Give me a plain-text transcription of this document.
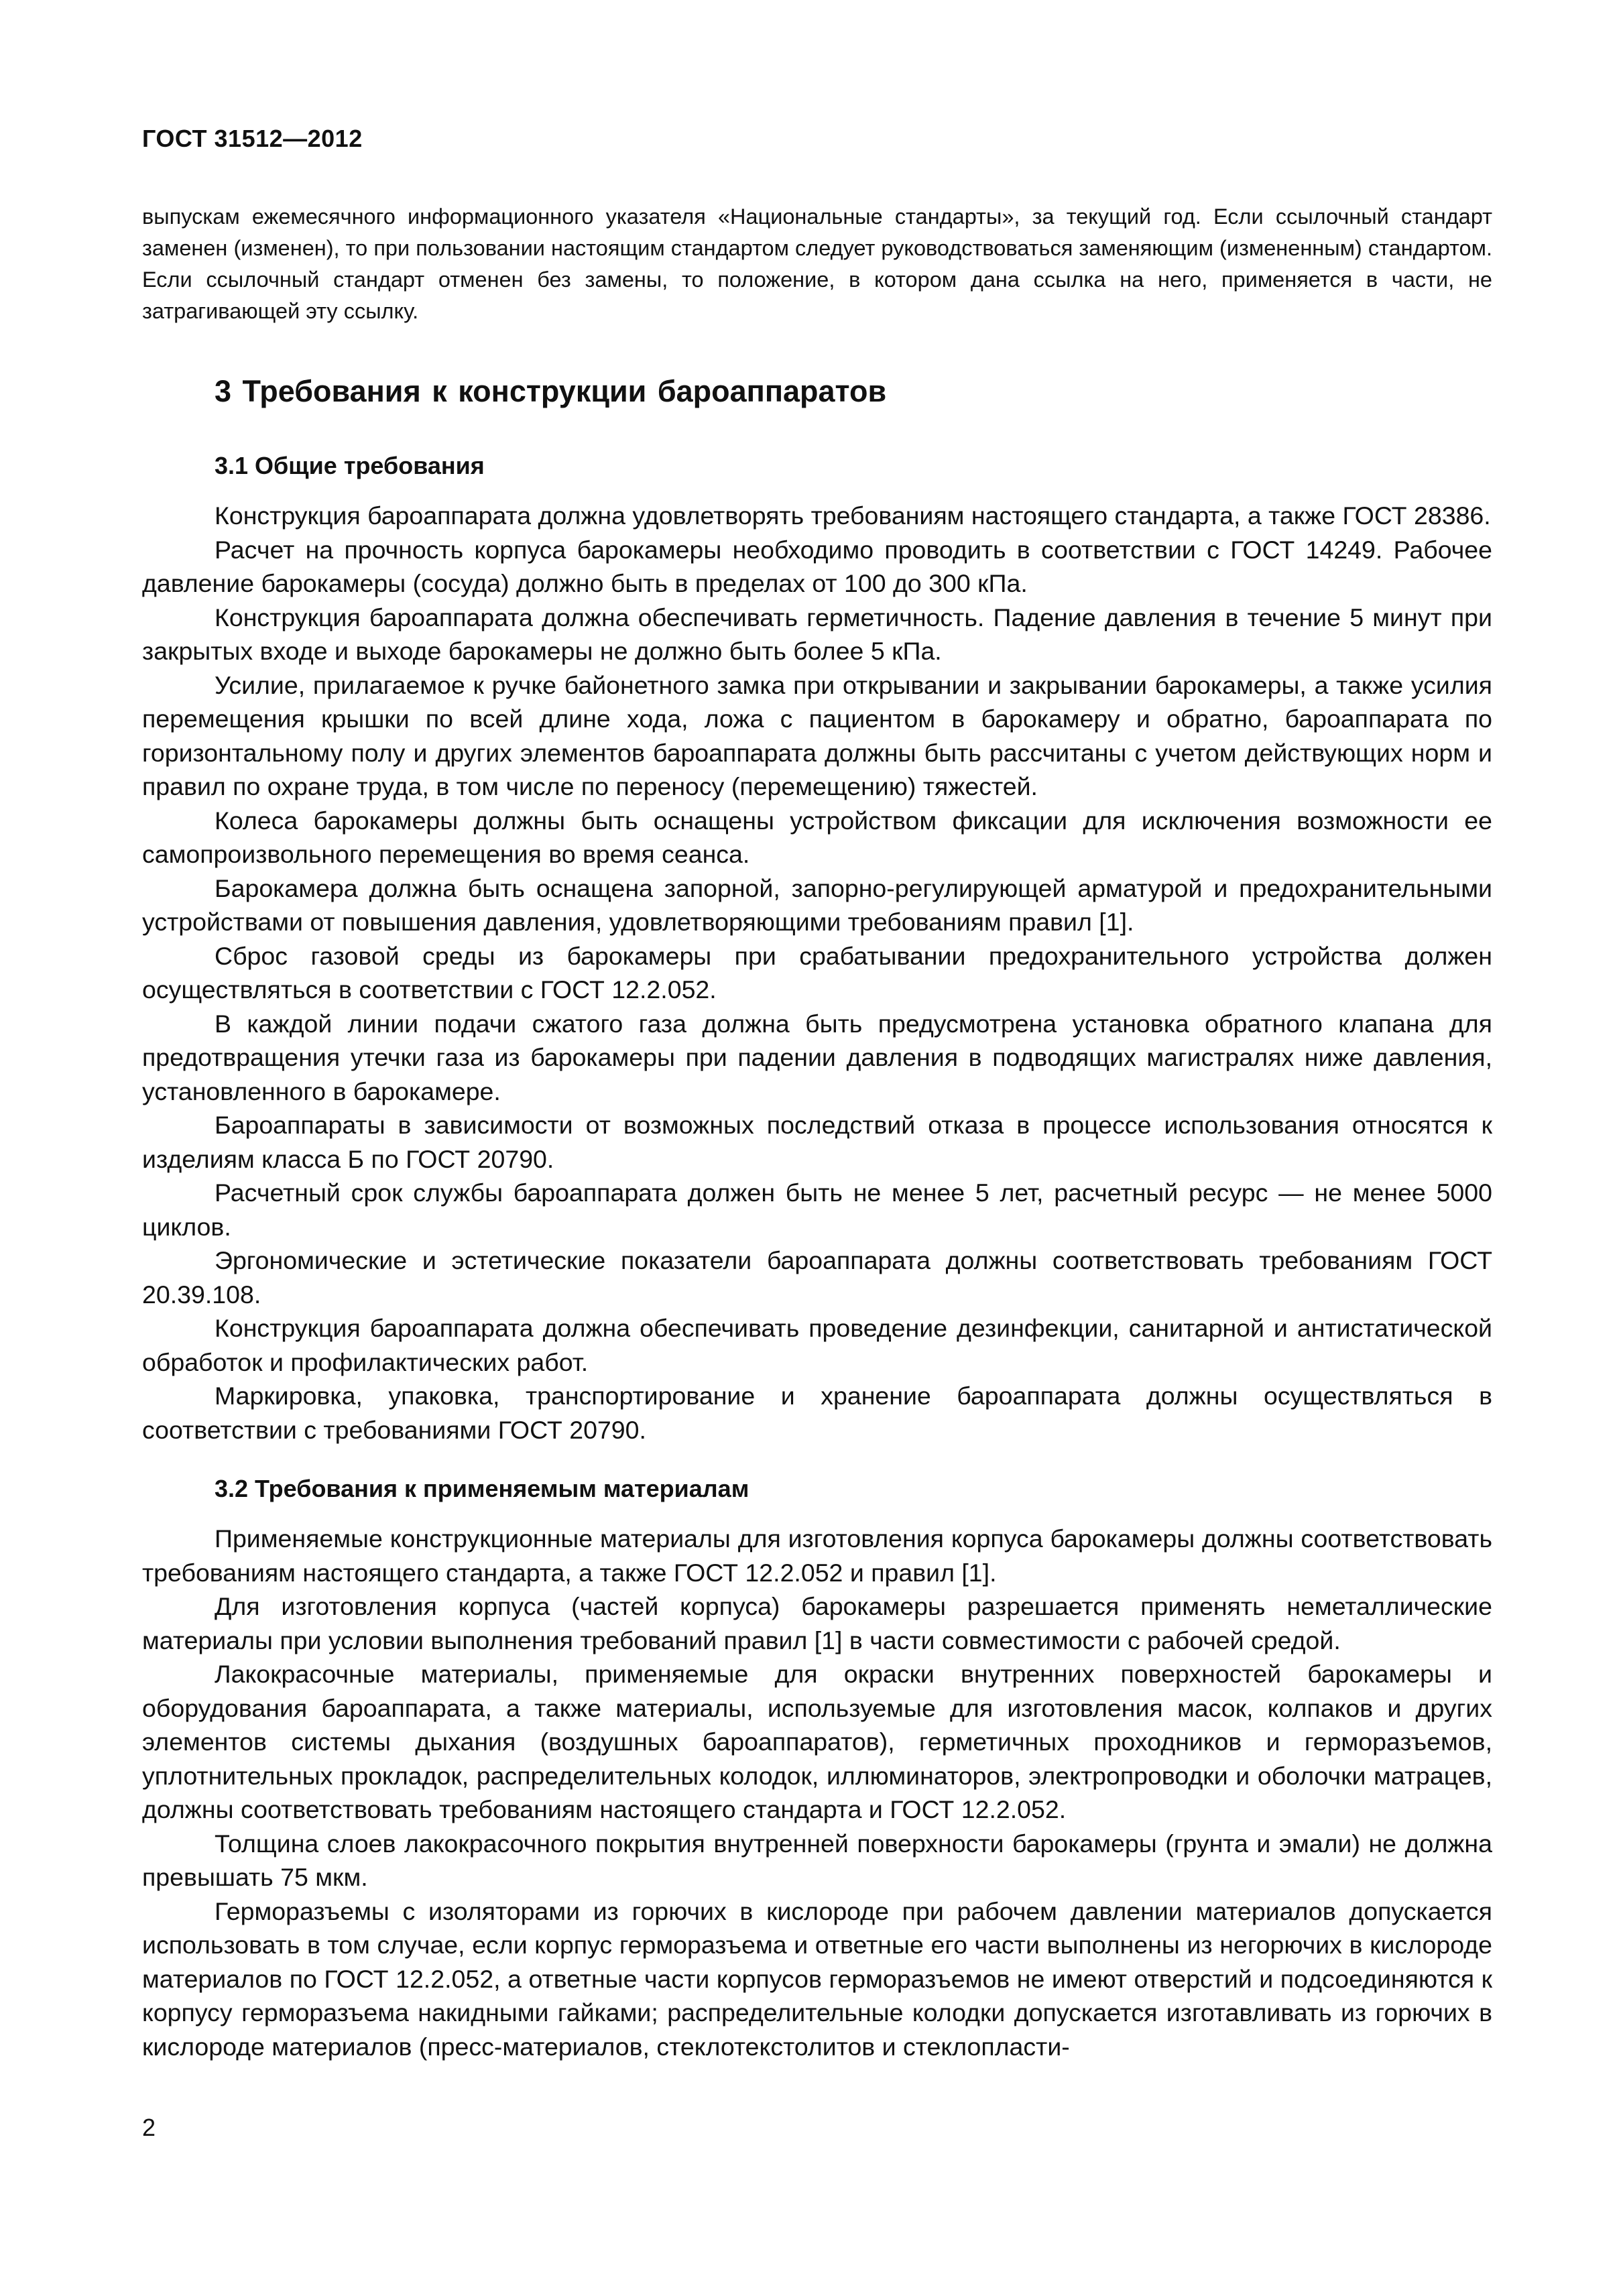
ГОСТ 31512—2012

выпускам ежемесячного информационного указателя «Национальные стандарты», за текущий год. Если ссылочный стандарт заменен (изменен), то при пользовании настоящим стандартом следует руководствоваться заменяющим (измененным) стандартом. Если ссылочный стандарт отменен без замены, то положение, в котором дана ссылка на него, применяется в части, не затрагивающей эту ссылку.

3 Требования к конструкции бароаппаратов
3.1 Общие требования

Конструкция бароаппарата должна удовлетворять требованиям настоящего стандарта, а также ГОСТ 28386.

Расчет на прочность корпуса барокамеры необходимо проводить в соответствии с ГОСТ 14249. Рабочее давление барокамеры (сосуда) должно быть в пределах от 100 до 300 кПа.

Конструкция бароаппарата должна обеспечивать герметичность. Падение давления в течение 5 минут при закрытых входе и выходе барокамеры не должно быть более 5 кПа.

Усилие, прилагаемое к ручке байонетного замка при открывании и закрывании барокамеры, а также усилия перемещения крышки по всей длине хода, ложа с пациентом в барокамеру и обратно, бароаппарата по горизонтальному полу и других элементов бароаппарата должны быть рассчитаны с учетом действующих норм и правил по охране труда, в том числе по переносу (перемещению) тяжестей.

Колеса барокамеры должны быть оснащены устройством фиксации для исключения возможности ее самопроизвольного перемещения во время сеанса.

Барокамера должна быть оснащена запорной, запорно-регулирующей арматурой и предохранительными устройствами от повышения давления, удовлетворяющими требованиям правил [1].

Сброс газовой среды из барокамеры при срабатывании предохранительного устройства должен осуществляться в соответствии с ГОСТ 12.2.052.

В каждой линии подачи сжатого газа должна быть предусмотрена установка обратного клапана для предотвращения утечки газа из барокамеры при падении давления в подводящих магистралях ниже давления, установленного в барокамере.

Бароаппараты в зависимости от возможных последствий отказа в процессе использования относятся к изделиям класса Б по ГОСТ 20790.

Расчетный срок службы бароаппарата должен быть не менее 5 лет, расчетный ресурс — не менее 5000 циклов.

Эргономические и эстетические показатели бароаппарата должны соответствовать требованиям ГОСТ 20.39.108.

Конструкция бароаппарата должна обеспечивать проведение дезинфекции, санитарной и антистатической обработок и профилактических работ.

Маркировка, упаковка, транспортирование и хранение бароаппарата должны осуществляться в соответствии с требованиями ГОСТ 20790.

3.2 Требования к применяемым материалам

Применяемые конструкционные материалы для изготовления корпуса барокамеры должны соответствовать требованиям настоящего стандарта, а также ГОСТ 12.2.052 и правил [1].

Для изготовления корпуса (частей корпуса) барокамеры разрешается применять неметаллические материалы при условии выполнения требований правил [1] в части совместимости с рабочей средой.

Лакокрасочные материалы, применяемые для окраски внутренних поверхностей барокамеры и оборудования бароаппарата, а также материалы, используемые для изготовления масок, колпаков и других элементов системы дыхания (воздушных бароаппаратов), герметичных проходников и герморазъемов, уплотнительных прокладок, распределительных колодок, иллюминаторов, электропроводки и оболочки матрацев, должны соответствовать требованиям настоящего стандарта и ГОСТ 12.2.052.

Толщина слоев лакокрасочного покрытия внутренней поверхности барокамеры (грунта и эмали) не должна превышать 75 мкм.

Герморазъемы с изоляторами из горючих в кислороде при рабочем давлении материалов допускается использовать в том случае, если корпус герморазъема и ответные его части выполнены из негорючих в кислороде материалов по ГОСТ 12.2.052, а ответные части корпусов герморазъемов не имеют отверстий и подсоединяются к корпусу герморазъема накидными гайками; распределительные колодки допускается изготавливать из горючих в кислороде материалов (пресс-материалов, стеклотекстолитов и стеклопласти-

2
